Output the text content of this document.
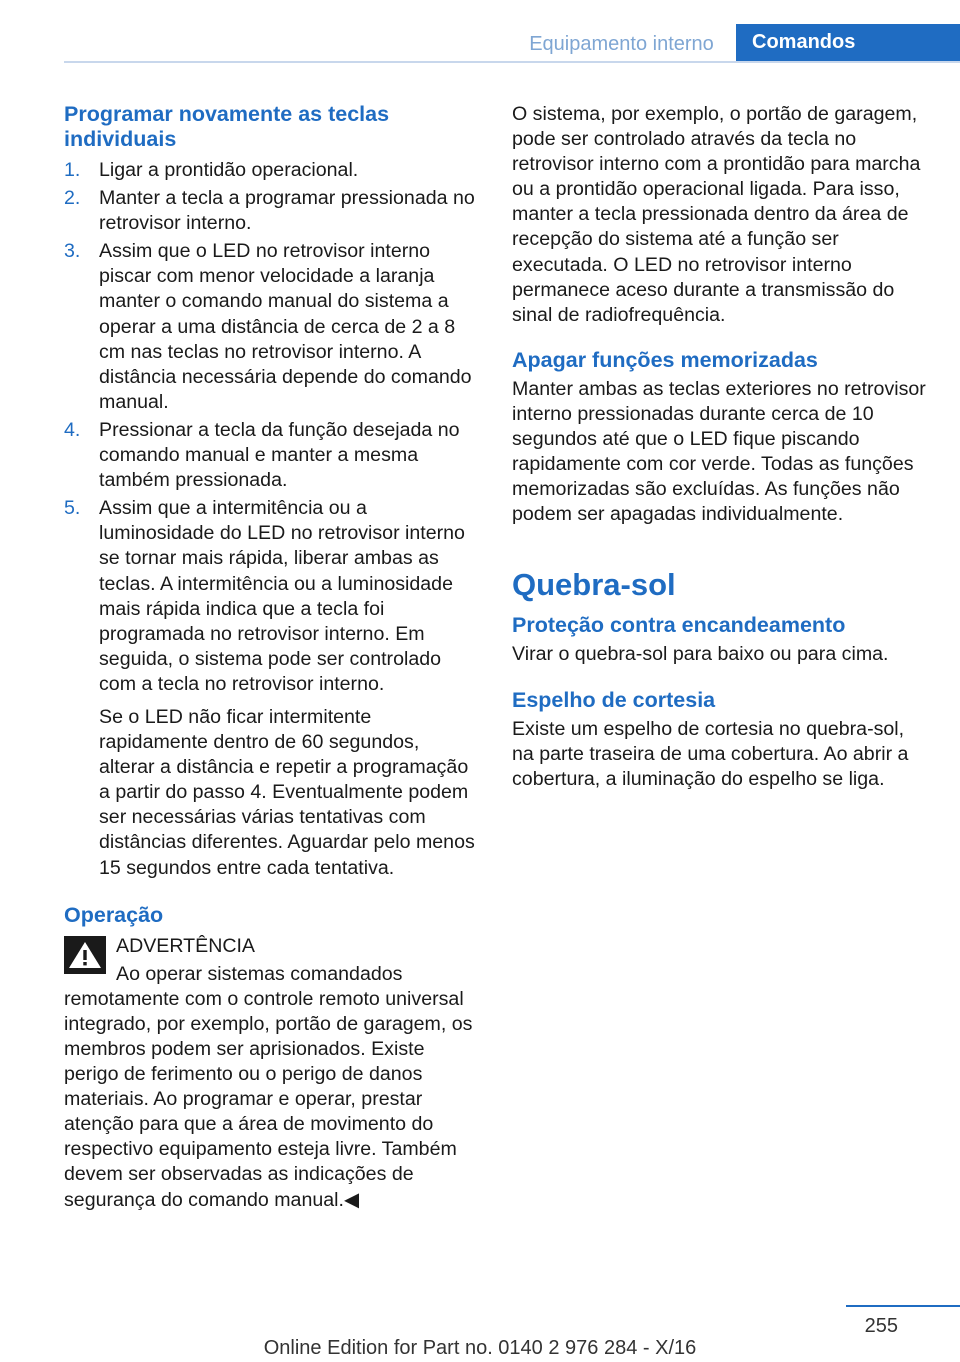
Equipamento interno	Comandos
Programar novamente as teclas individuais
1. Ligar a prontidão operacional.
2. Manter a tecla a programar pressionada no retrovisor interno.
3. Assim que o LED no retrovisor interno piscar com menor velocidade a laranja manter o comando manual do sistema a operar a uma distância de cerca de 2 a 8 cm nas teclas no retrovisor interno. A distância necessária depende do comando manual.
4. Pressionar a tecla da função desejada no comando manual e manter a mesma também pressionada.
5. Assim que a intermitência ou a luminosidade do LED no retrovisor interno se tornar mais rápida, liberar ambas as teclas. A intermitência ou a luminosidade mais rápida indica que a tecla foi programada no retrovisor interno. Em seguida, o sistema pode ser controlado com a tecla no retrovisor interno.

Se o LED não ficar intermitente rapidamente dentro de 60 segundos, alterar a distância e repetir a programação a partir do passo 4. Eventualmente podem ser necessárias várias tentativas com distâncias diferentes. Aguardar pelo menos 15 segundos entre cada tentativa.

Operação
ADVERTÊNCIA

Ao operar sistemas comandados remotamente com o controle remoto universal integrado, por exemplo, portão de garagem, os membros podem ser aprisionados. Existe perigo de ferimento ou o perigo de danos materiais. Ao programar e operar, prestar atenção para que a área de movimento do respectivo equipamento esteja livre. Também devem ser observadas as indicações de segurança do comando manual.◀

O sistema, por exemplo, o portão de garagem, pode ser controlado através da tecla no retrovisor interno com a prontidão para marcha ou a prontidão operacional ligada. Para isso, manter a tecla pressionada dentro da área de recepção do sistema até a função ser executada. O LED no retrovisor interno permanece aceso durante a transmissão do sinal de radiofrequência.

Apagar funções memorizadas

Manter ambas as teclas exteriores no retrovisor interno pressionadas durante cerca de 10 segundos até que o LED fique piscando rapidamente com cor verde. Todas as funções memorizadas são excluídas. As funções não podem ser apagadas individualmente.

Quebra-sol
Proteção contra encandeamento

Virar o quebra-sol para baixo ou para cima.

Espelho de cortesia

Existe um espelho de cortesia no quebra-sol, na parte traseira de uma cobertura. Ao abrir a cobertura, a iluminação do espelho se liga.

255
Online Edition for Part no. 0140 2 976 284 - X/16
